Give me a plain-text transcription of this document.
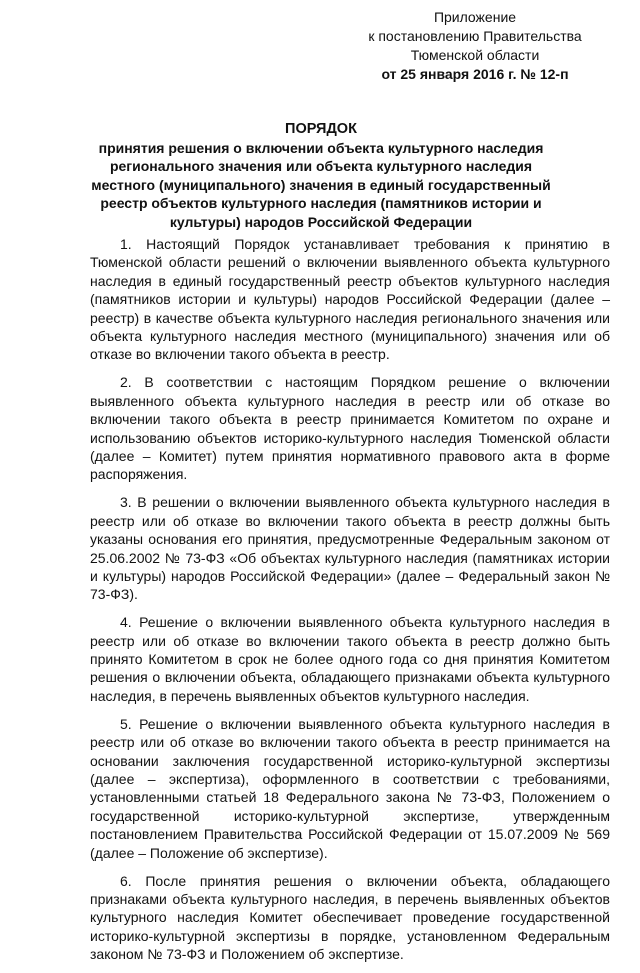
Приложение
к постановлению Правительства
Тюменской области
от 25 января 2016 г. № 12-п
ПОРЯДОК
принятия решения о включении объекта культурного наследия регионального значения или объекта культурного наследия местного (муниципального) значения в единый государственный реестр объектов культурного наследия (памятников истории и культуры) народов Российской Федерации

1. Настоящий Порядок устанавливает требования к принятию в Тюменской области решений о включении выявленного объекта культурного наследия в единый государственный реестр объектов культурного наследия (памятников истории и культуры) народов Российской Федерации (далее – реестр) в качестве объекта культурного наследия регионального значения или объекта культурного наследия местного (муниципального) значения или об отказе во включении такого объекта в реестр.

2. В соответствии с настоящим Порядком решение о включении выявленного объекта культурного наследия в реестр или об отказе во включении такого объекта в реестр принимается Комитетом по охране и использованию объектов историко-культурного наследия Тюменской области (далее – Комитет) путем принятия нормативного правового акта в форме распоряжения.

3. В решении о включении выявленного объекта культурного наследия в реестр или об отказе во включении такого объекта в реестр должны быть указаны основания его принятия, предусмотренные Федеральным законом от 25.06.2002 № 73-ФЗ «Об объектах культурного наследия (памятниках истории и культуры) народов Российской Федерации» (далее – Федеральный закон № 73-ФЗ).

4. Решение о включении выявленного объекта культурного наследия в реестр или об отказе во включении такого объекта в реестр должно быть принято Комитетом в срок не более одного года со дня принятия Комитетом решения о включении объекта, обладающего признаками объекта культурного наследия, в перечень выявленных объектов культурного наследия.

5. Решение о включении выявленного объекта культурного наследия в реестр или об отказе во включении такого объекта в реестр принимается на основании заключения государственной историко-культурной экспертизы (далее – экспертиза), оформленного в соответствии с требованиями, установленными статьей 18 Федерального закона № 73-ФЗ, Положением о государственной историко-культурной экспертизе, утвержденным постановлением Правительства Российской Федерации от 15.07.2009 № 569 (далее – Положение об экспертизе).

6. После принятия решения о включении объекта, обладающего признаками объекта культурного наследия, в перечень выявленных объектов культурного наследия Комитет обеспечивает проведение государственной историко-культурной экспертизы в порядке, установленном Федеральным законом № 73-ФЗ и Положением об экспертизе.
